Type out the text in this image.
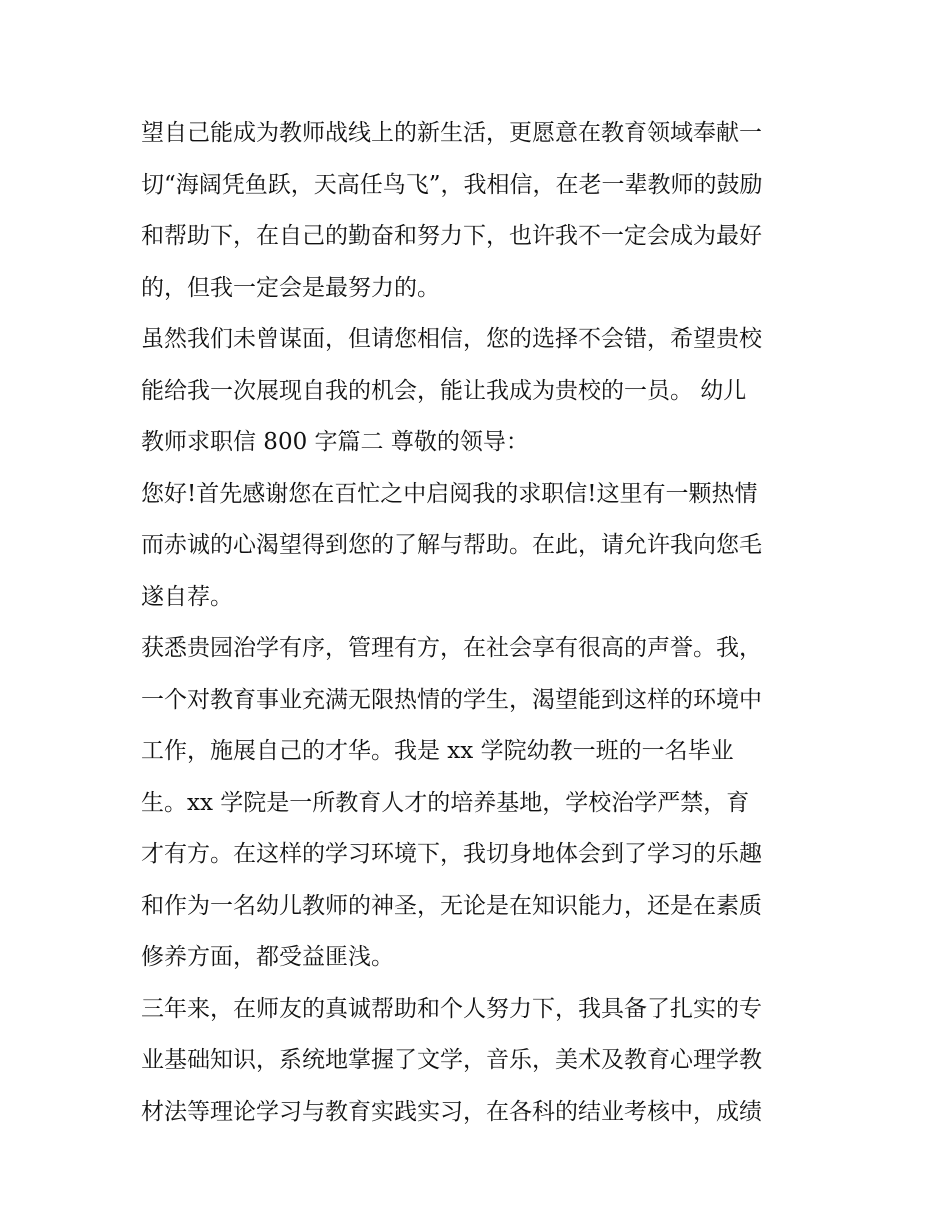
望自己能成为教师战线上的新生活，更愿意在教育领域奉献一
切“海阔凭鱼跃，天高任鸟飞”，我相信，在老一辈教师的鼓励
和帮助下，在自己的勤奋和努力下，也许我不一定会成为最好
的，但我一定会是最努力的。
虽然我们未曾谋面，但请您相信，您的选择不会错，希望贵校
能给我一次展现自我的机会，能让我成为贵校的一员。 幼儿
教师求职信 800 字篇二 尊敬的领导：
您好!首先感谢您在百忙之中启阅我的求职信!这里有一颗热情
而赤诚的心渴望得到您的了解与帮助。在此，请允许我向您毛
遂自荐。
获悉贵园治学有序，管理有方，在社会享有很高的声誉。我，
一个对教育事业充满无限热情的学生，渴望能到这样的环境中
工作，施展自己的才华。我是 xx 学院幼教一班的一名毕业
生。xx 学院是一所教育人才的培养基地，学校治学严禁，育
才有方。在这样的学习环境下，我切身地体会到了学习的乐趣
和作为一名幼儿教师的神圣，无论是在知识能力，还是在素质
修养方面，都受益匪浅。
三年来，在师友的真诚帮助和个人努力下，我具备了扎实的专
业基础知识，系统地掌握了文学，音乐，美术及教育心理学教
材法等理论学习与教育实践实习，在各科的结业考核中，成绩
